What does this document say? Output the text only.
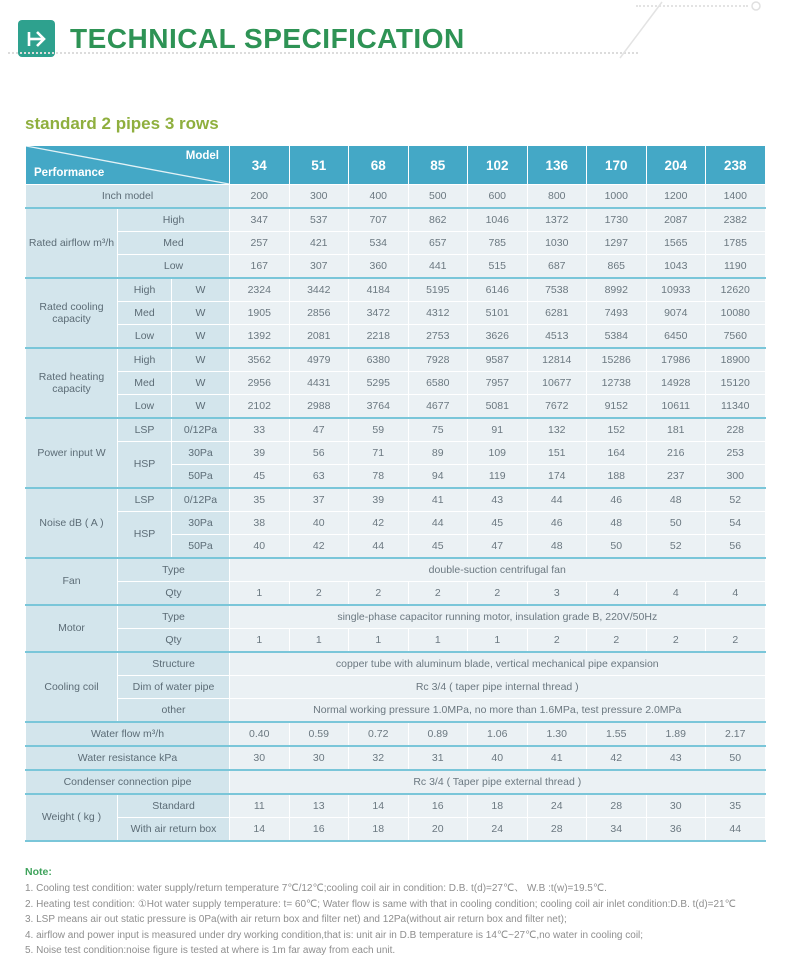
TECHNICAL SPECIFICATION
standard 2 pipes 3 rows
Model
Performance			34	51	68	85	102	136	170	204	238
Inch model			200	300	400	500	600	800	1000	1200	1400
Rated airflow m³/h	High		347	537	707	862	1046	1372	1730	2087	2382
	Med		257	421	534	657	785	1030	1297	1565	1785
	Low		167	307	360	441	515	687	865	1043	1190
Rated cooling capacity	High	W	2324	3442	4184	5195	6146	7538	8992	10933	12620
	Med	W	1905	2856	3472	4312	5101	6281	7493	9074	10080
	Low	W	1392	2081	2218	2753	3626	4513	5384	6450	7560
Rated heating capacity	High	W	3562	4979	6380	7928	9587	12814	15286	17986	18900
	Med	W	2956	4431	5295	6580	7957	10677	12738	14928	15120
	Low	W	2102	2988	3764	4677	5081	7672	9152	10611	11340
Power input W	LSP	0/12Pa	33	47	59	75	91	132	152	181	228
	HSP	30Pa	39	56	71	89	109	151	164	216	253
		50Pa	45	63	78	94	119	174	188	237	300
Noise dB ( A )	LSP	0/12Pa	35	37	39	41	43	44	46	48	52
	HSP	30Pa	38	40	42	44	45	46	48	50	54
		50Pa	40	42	44	45	47	48	50	52	56
Fan	Type		double-suction centrifugal fan								
	Qty		1	2	2	2	2	3	4	4	4
Motor	Type		single-phase capacitor running motor, insulation grade B, 220V/50Hz								
	Qty		1	1	1	1	1	2	2	2	2
Cooling coil	Structure		copper tube with aluminum blade, vertical mechanical pipe expansion								
	Dim of water pipe		Rc 3/4 ( taper pipe internal thread )								
	other		Normal working pressure 1.0MPa, no more than 1.6MPa, test pressure 2.0MPa								
Water flow m³/h			0.40	0.59	0.72	0.89	1.06	1.30	1.55	1.89	2.17
Water resistance kPa			30	30	32	31	40	41	42	43	50
Condenser connection pipe			Rc 3/4 ( Taper pipe external thread )								
Weight ( kg )	Standard		11	13	14	16	18	24	28	30	35
	With air return box		14	16	18	20	24	28	34	36	44
Note:
1. Cooling test condition: water supply/return temperature 7℃/12℃;cooling coil air in condition: D.B. t(d)=27℃、 W.B :t(w)=19.5℃.
2. Heating test condition: ①Hot water supply temperature: t= 60℃; Water flow is same with that in cooling condition; cooling coil air inlet condition:D.B. t(d)=21℃
3. LSP means air out static pressure is 0Pa(with air return box and filter net) and 12Pa(without air return box and filter net);
4. airflow and power input is measured under dry working condition,that is: unit air in D.B temperature is 14℃~27℃,no water in cooling coil;
5. Noise test condition:noise figure is tested at where is 1m far away from each unit.
